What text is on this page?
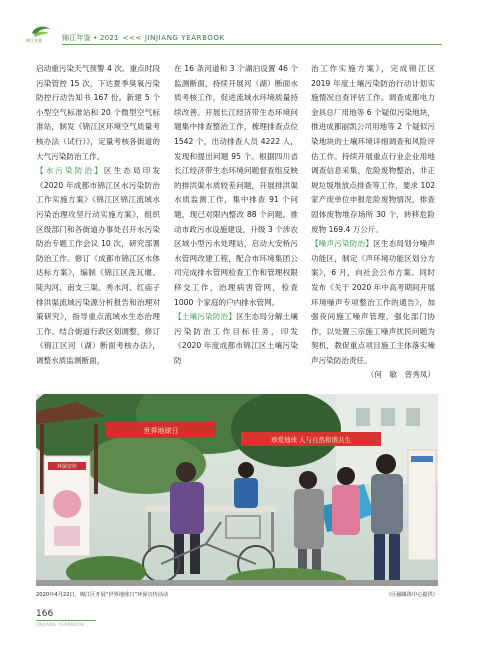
锦江年鉴	锦江年鉴 • 2021 <<< JINJIANG YEARBOOK

启动重污染天气预警 4 次。重点时段污染管控 15 次，下达夏季臭氧污染防控行动告知书 167 份。新建 5 个小型空气标准站和 20 个微型空气标准站，制发《锦江区环境空气质量考核办法（试行）》，定量考核各街道的大气污染防治工作。

【水污染防治】区生态局印发《2020 年成都市锦江区水污染防治工作实施方案》《锦江区锦江流域水污染治理攻坚行动实施方案》，组织区级部门和各街道办事处召开水污染防治专题工作会议 10 次，研究部署防治工作。修订《成都市锦江区水体达标方案》，编制《锦江区洗瓦堰、陡沟河、南支三渠、秀水河、红庙子排洪渠流域污染源分析报告和治理对策研究》，指导重点流域水生态治理工作。结合街道行政区划调整，修订《锦江区河（湖）断面考核办法》，调整水质监测断面，

在 16 条河道和 3 个湖泊设置 46 个监测断面，持续开展河（湖）断面水质考核工作，促进流域水环境质量持续改善。开展长江经济带生态环境问题集中排查整治工作，梳理排查点位 1542 个，出动排查人员 4222 人，发现和提出问题 95 个。根据四川省长江经济带生态环境问题督查组反映的排洪渠水质较差问题，开展排洪渠水质监测工作，集中排查 91 个问题，现已对限内整改 88 个问题。推动市政污水设施建设，升级 3 个涉农区域小型污水处理站，启动大安桥污水管网改建工程，配合市环境集团公司完成排水管网检查工作和管理权限移交工作，治理病害管网，检查 1000 个家庭的户内排水管网。

【土壤污染防治】区生态局分解土壤污染防治工作目标任务，印发《2020 年度成都市锦江区土壤污染防

治工作实施方案》，完成锦江区 2019 年度土壤污染防治行动计划实施情况自查评估工作。调查成都电力金具总厂用地等 6 个疑似污染地块，推进成都丽凯公司用地等 2 个疑似污染地块的土壤环境详细调查和风险评估工作。持续开展重点行业企业用地调查信息采集、危险废物整治、非正规垃圾堆放点排查等工作，要求 102 家产废单位申报危险废物情况，排查固体废物堆存场所 30 个，转移危险废物 169.4 万公斤。

【噪声污染防治】区生态局划分噪声功能区，制定《声环境功能区划分方案》，6 月，向社会公布方案。同时发布《关于 2020 年中高考期间开展环境噪声专项整治工作的通告》，加强夜间施工噪声管理，强化部门协作，以处置三宗施工噪声扰民问题为契机，教促重点项目施工主体落实噪声污染防治责任。

（何　敏　曾秀凤）

世界地球日
珍爱地球 人与自然和谐共生
环保宣传
2020年4月22日，锦江区开展“世界地球日”环保宣传活动	（区融媒体中心提供）
166
JINJIANG YEARBOOK
